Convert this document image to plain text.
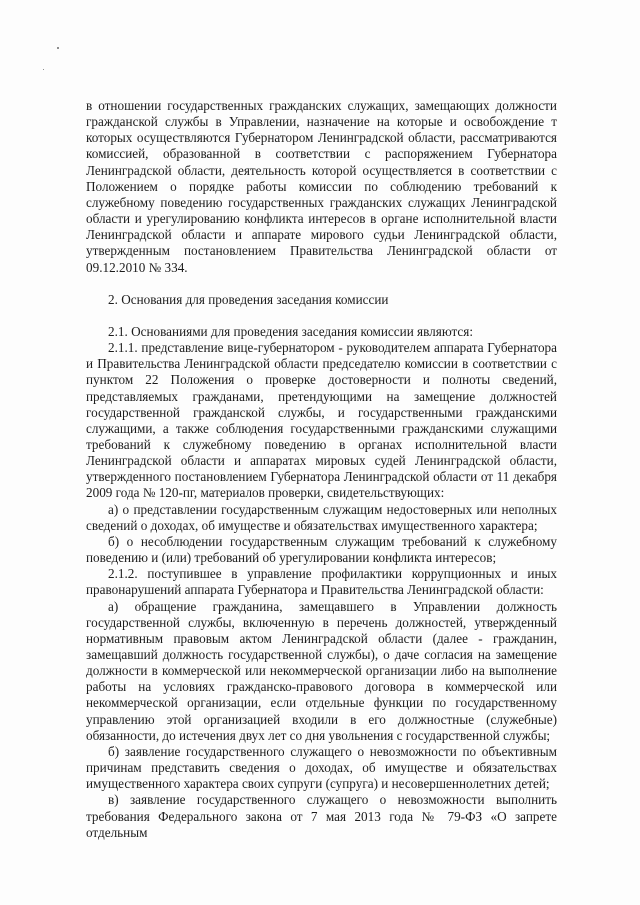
в отношении государственных гражданских служащих, замещающих должности гражданской службы в Управлении, назначение на которые и освобождение т которых осуществляются Губернатором Ленинградской области, рассматриваются комиссией, образованной в соответствии с распоряжением Губернатора Ленинградской области, деятельность которой осуществляется в соответствии с Положением о порядке работы комиссии по соблюдению требований к служебному поведению государственных гражданских служащих Ленинградской области и урегулированию конфликта интересов в органе исполнительной власти Ленинградской области и аппарате мирового судьи Ленинградской области, утвержденным постановлением Правительства Ленинградской области от 09.12.2010 № 334.

2. Основания для проведения заседания комиссии

2.1. Основаниями для проведения заседания комиссии являются:

2.1.1. представление вице-губернатором - руководителем аппарата Губернатора и Правительства Ленинградской области председателю комиссии в соответствии с пунктом 22 Положения о проверке достоверности и полноты сведений, представляемых гражданами, претендующими на замещение должностей государственной гражданской службы, и государственными гражданскими служащими, а также соблюдения государственными гражданскими служащими требований к служебному поведению в органах исполнительной власти Ленинградской области и аппаратах мировых судей Ленинградской области, утвержденного постановлением Губернатора Ленинградской области от 11 декабря 2009 года № 120-пг, материалов проверки, свидетельствующих:

а) о представлении государственным служащим недостоверных или неполных сведений о доходах, об имуществе и обязательствах имущественного характера;

б) о несоблюдении государственным служащим требований к служебному поведению и (или) требований об урегулировании конфликта интересов;

2.1.2. поступившее в управление профилактики коррупционных и иных правонарушений аппарата Губернатора и Правительства Ленинградской области:

а) обращение гражданина, замещавшего в Управлении должность государственной службы, включенную в перечень должностей, утвержденный нормативным правовым актом Ленинградской области (далее - гражданин, замещавший должность государственной службы), о даче согласия на замещение должности в коммерческой или некоммерческой организации либо на выполнение работы на условиях гражданско-правового договора в коммерческой или некоммерческой организации, если отдельные функции по государственному управлению этой организацией входили в его должностные (служебные) обязанности, до истечения двух лет со дня увольнения с государственной службы;

б) заявление государственного служащего о невозможности по объективным причинам представить сведения о доходах, об имуществе и обязательствах имущественного характера своих супруги (супруга) и несовершеннолетних детей;

в) заявление государственного служащего о невозможности выполнить требования Федерального закона от 7 мая 2013 года № 79-ФЗ «О запрете отдельным
